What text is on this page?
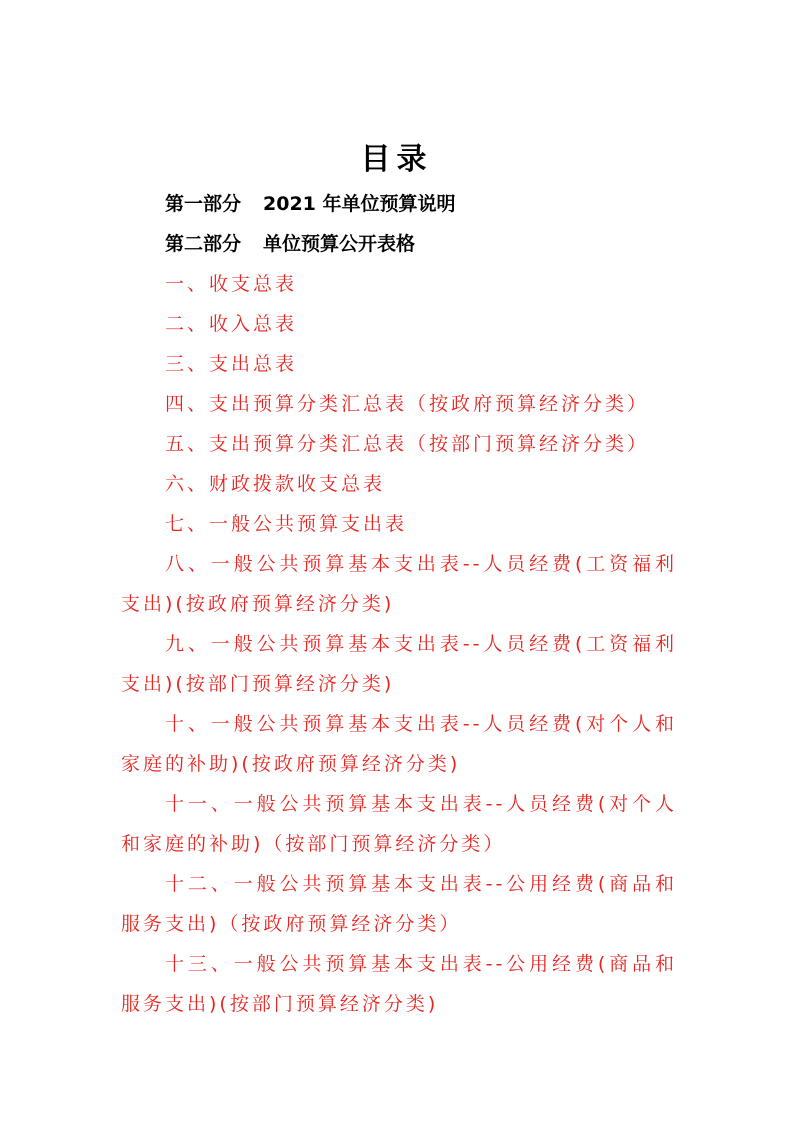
目录
第一部分 2021 年单位预算说明
第二部分 单位预算公开表格

一、收支总表

二、收入总表

三、支出总表

四、支出预算分类汇总表（按政府预算经济分类）

五、支出预算分类汇总表（按部门预算经济分类）

六、财政拨款收支总表

七、一般公共预算支出表

八、一般公共预算基本支出表--人员经费(工资福利支出)(按政府预算经济分类)

九、一般公共预算基本支出表--人员经费(工资福利支出)(按部门预算经济分类)

十、一般公共预算基本支出表--人员经费(对个人和家庭的补助)(按政府预算经济分类)

十一、一般公共预算基本支出表--人员经费(对个人和家庭的补助)（按部门预算经济分类）

十二、一般公共预算基本支出表--公用经费(商品和服务支出)（按政府预算经济分类）

十三、一般公共预算基本支出表--公用经费(商品和服务支出)(按部门预算经济分类)
